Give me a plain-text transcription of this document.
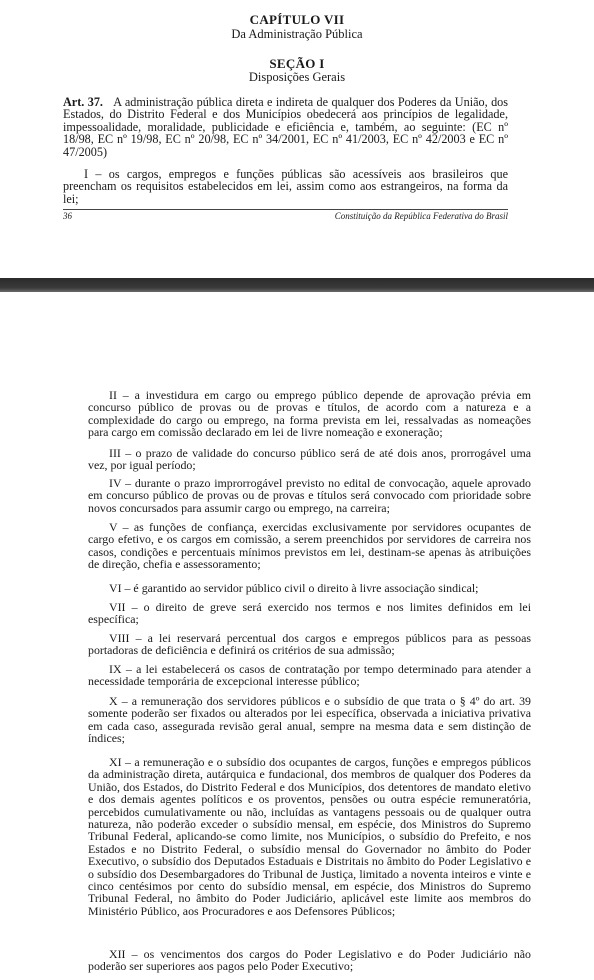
CAPÍTULO VII
Da Administração Pública
SEÇÃO I
Disposições Gerais

Art. 37. A administração pública direta e indireta de qualquer dos Poderes da União, dos Estados, do Distrito Federal e dos Municípios obedecerá aos princípios de legalidade, impessoalidade, moralidade, publicidade e eficiência e, também, ao seguinte: (EC nº 18/98, EC nº 19/98, EC nº 20/98, EC nº 34/2001, EC nº 41/2003, EC nº 42/2003 e EC nº 47/2005)

I – os cargos, empregos e funções públicas são acessíveis aos brasileiros que preencham os requisitos estabelecidos em lei, assim como aos estrangeiros, na forma da lei;

36	Constituição da República Federativa do Brasil

II – a investidura em cargo ou emprego público depende de aprovação prévia em concurso público de provas ou de provas e títulos, de acordo com a natureza e a complexidade do cargo ou emprego, na forma prevista em lei, ressalvadas as nomeações para cargo em comissão declarado em lei de livre nomeação e exoneração;

III – o prazo de validade do concurso público será de até dois anos, prorrogável uma vez, por igual período;

IV – durante o prazo improrrogável previsto no edital de convocação, aquele aprovado em concurso público de provas ou de provas e títulos será convocado com prioridade sobre novos concursados para assumir cargo ou emprego, na carreira;

V – as funções de confiança, exercidas exclusivamente por servidores ocupantes de cargo efetivo, e os cargos em comissão, a serem preenchidos por servidores de carreira nos casos, condições e percentuais mínimos previstos em lei, destinam-se apenas às atribuições de direção, chefia e assessoramento;

VI – é garantido ao servidor público civil o direito à livre associação sindical;

VII – o direito de greve será exercido nos termos e nos limites definidos em lei específica;

VIII – a lei reservará percentual dos cargos e empregos públicos para as pessoas portadoras de deficiência e definirá os critérios de sua admissão;

IX – a lei estabelecerá os casos de contratação por tempo determinado para atender a necessidade temporária de excepcional interesse público;

X – a remuneração dos servidores públicos e o subsídio de que trata o § 4º do art. 39 somente poderão ser fixados ou alterados por lei específica, observada a iniciativa privativa em cada caso, assegurada revisão geral anual, sempre na mesma data e sem distinção de índices;

XI – a remuneração e o subsídio dos ocupantes de cargos, funções e empregos públicos da administração direta, autárquica e fundacional, dos membros de qualquer dos Poderes da União, dos Estados, do Distrito Federal e dos Municípios, dos detentores de mandato eletivo e dos demais agentes políticos e os proventos, pensões ou outra espécie remuneratória, percebidos cumulativamente ou não, incluídas as vantagens pessoais ou de qualquer outra natureza, não poderão exceder o subsídio mensal, em espécie, dos Ministros do Supremo Tribunal Federal, aplicando-se como limite, nos Municípios, o subsídio do Prefeito, e nos Estados e no Distrito Federal, o subsídio mensal do Governador no âmbito do Poder Executivo, o subsídio dos Deputados Estaduais e Distritais no âmbito do Poder Legislativo e o subsídio dos Desembargadores do Tribunal de Justiça, limitado a noventa inteiros e vinte e cinco centésimos por cento do subsídio mensal, em espécie, dos Ministros do Supremo Tribunal Federal, no âmbito do Poder Judiciário, aplicável este limite aos membros do Ministério Público, aos Procuradores e aos Defensores Públicos;

XII – os vencimentos dos cargos do Poder Legislativo e do Poder Judiciário não poderão ser superiores aos pagos pelo Poder Executivo;
